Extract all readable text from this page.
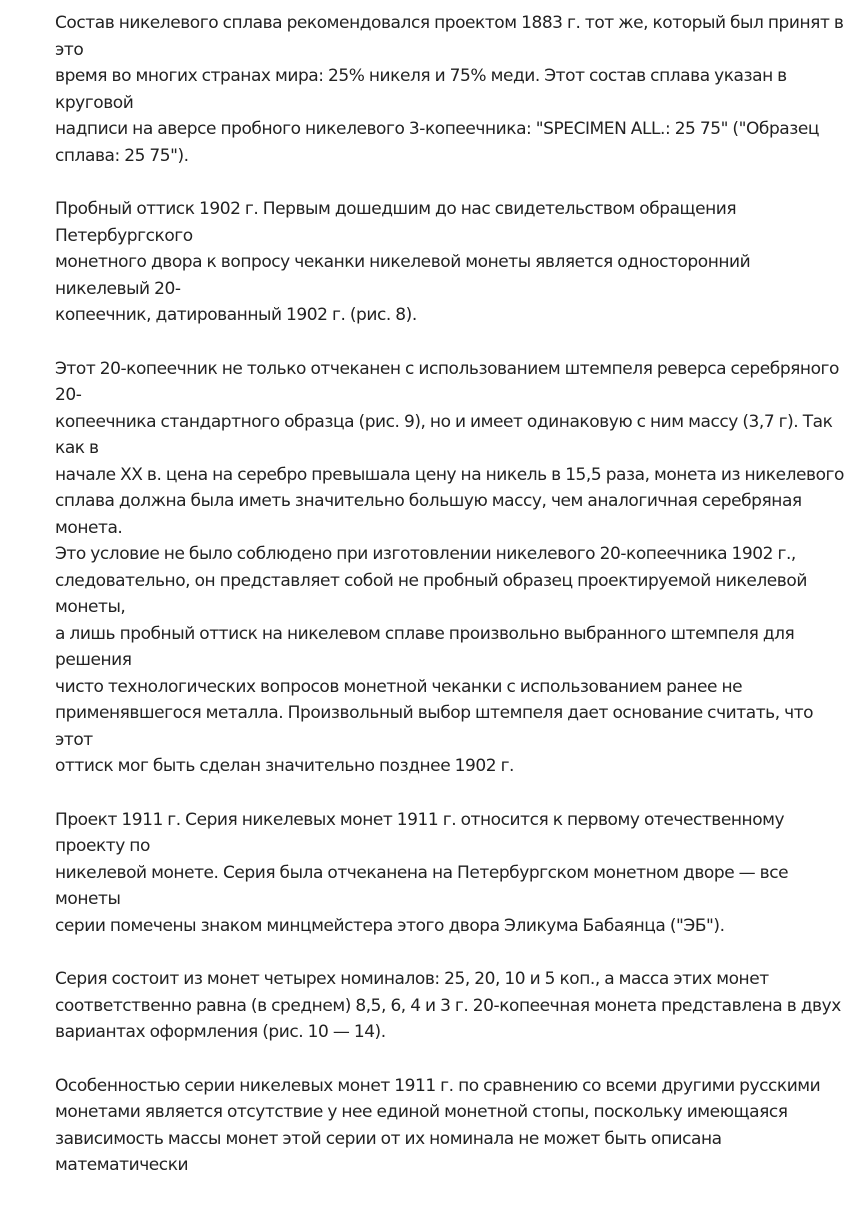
Состав никелевого сплава рекомендовался проектом 1883 г. тот же, который был принят в это
время во многих странах мира: 25% никеля и 75% меди. Этот состав сплава указан в круговой
надписи на аверсе пробного никелевого 3-копеечника: "SPECIMEN ALL.: 25 75" ("Образец
сплава: 25 75").

Пробный оттиск 1902 г. Первым дошедшим до нас свидетельством обращения Петербургского
монетного двора к вопросу чеканки никелевой монеты является односторонний никелевый 20-
копеечник, датированный 1902 г. (рис. 8).

Этот 20-копеечник не только отчеканен с использованием штемпеля реверса серебряного 20-
копеечника стандартного образца (рис. 9), но и имеет одинаковую с ним массу (3,7 г). Так как в
начале XX в. цена на серебро превышала цену на никель в 15,5 раза, монета из никелевого
сплава должна была иметь значительно большую массу, чем аналогичная серебряная монета.
Это условие не было соблюдено при изготовлении никелевого 20-копеечника 1902 г.,
следовательно, он представляет собой не пробный образец проектируемой никелевой монеты,
а лишь пробный оттиск на никелевом сплаве произвольно выбранного штемпеля для решения
чисто технологических вопросов монетной чеканки с использованием ранее не
применявшегося металла. Произвольный выбор штемпеля дает основание считать, что этот
оттиск мог быть сделан значительно позднее 1902 г.

Проект 1911 г. Серия никелевых монет 1911 г. относится к первому отечественному проекту по
никелевой монете. Серия была отчеканена на Петербургском монетном дворе — все монеты
серии помечены знаком минцмейстера этого двора Эликума Бабаянца ("ЭБ").

Серия состоит из монет четырех номиналов: 25, 20, 10 и 5 коп., а масса этих монет
соответственно равна (в среднем) 8,5, 6, 4 и 3 г. 20-копеечная монета представлена в двух
вариантах оформления (рис. 10 — 14).

Особенностью серии никелевых монет 1911 г. по сравнению со всеми другими русскими
монетами является отсутствие у нее единой монетной стопы, поскольку имеющаяся
зависимость массы монет этой серии от их номинала не может быть описана математически
